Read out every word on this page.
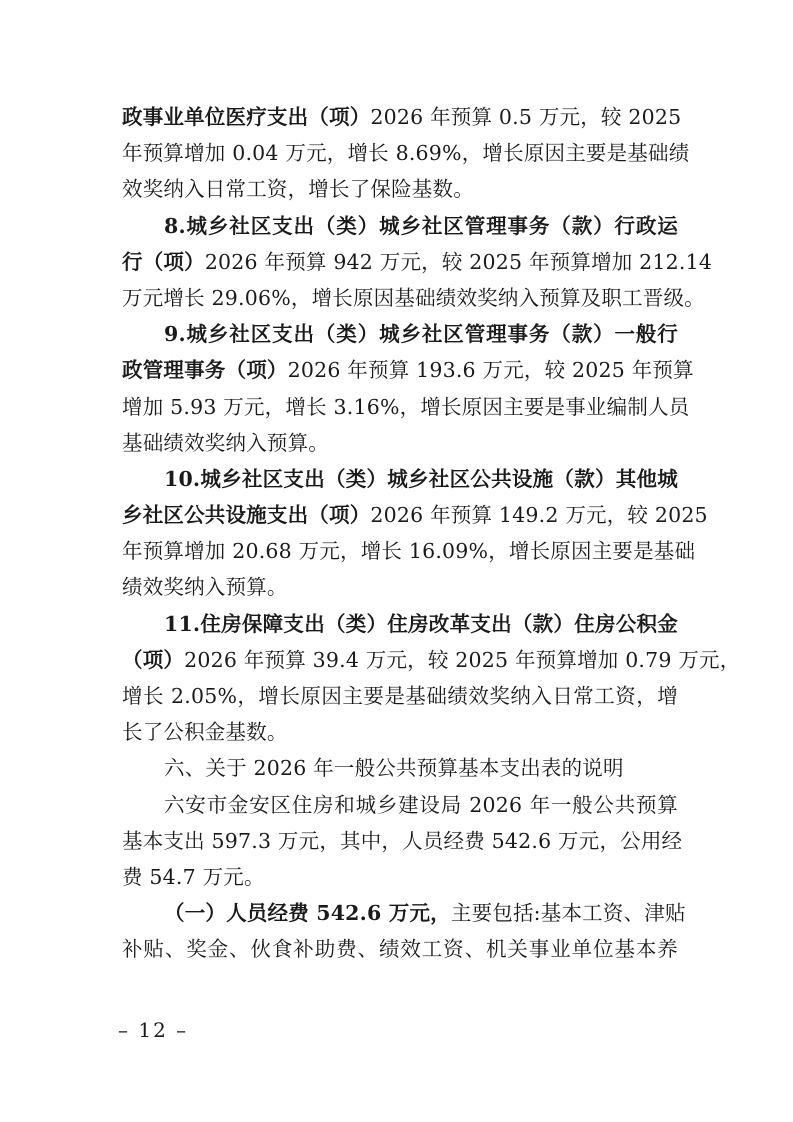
政事业单位医疗支出（项）2026 年预算 0.5 万元，较 2025
年预算增加 0.04 万元，增长 8.69%，增长原因主要是基础绩
效奖纳入日常工资，增长了保险基数。
8.城乡社区支出（类）城乡社区管理事务（款）行政运
行（项）2026 年预算 942 万元，较 2025 年预算增加 212.14
万元增长 29.06%，增长原因基础绩效奖纳入预算及职工晋级。
9.城乡社区支出（类）城乡社区管理事务（款）一般行
政管理事务（项）2026 年预算 193.6 万元，较 2025 年预算
增加 5.93 万元，增长 3.16%，增长原因主要是事业编制人员
基础绩效奖纳入预算。
10.城乡社区支出（类）城乡社区公共设施（款）其他城
乡社区公共设施支出（项）2026 年预算 149.2 万元，较 2025
年预算增加 20.68 万元，增长 16.09%，增长原因主要是基础
绩效奖纳入预算。
11.住房保障支出（类）住房改革支出（款）住房公积金
（项）2026 年预算 39.4 万元，较 2025 年预算增加 0.79 万元，
增长 2.05%，增长原因主要是基础绩效奖纳入日常工资，增
长了公积金基数。
六、关于 2026 年一般公共预算基本支出表的说明
六安市金安区住房和城乡建设局 2026 年一般公共预算
基本支出 597.3 万元，其中，人员经费 542.6 万元，公用经
费 54.7 万元。
（一）人员经费 542.6 万元，主要包括:基本工资、津贴
补贴、奖金、伙食补助费、绩效工资、机关事业单位基本养
– 12 –
